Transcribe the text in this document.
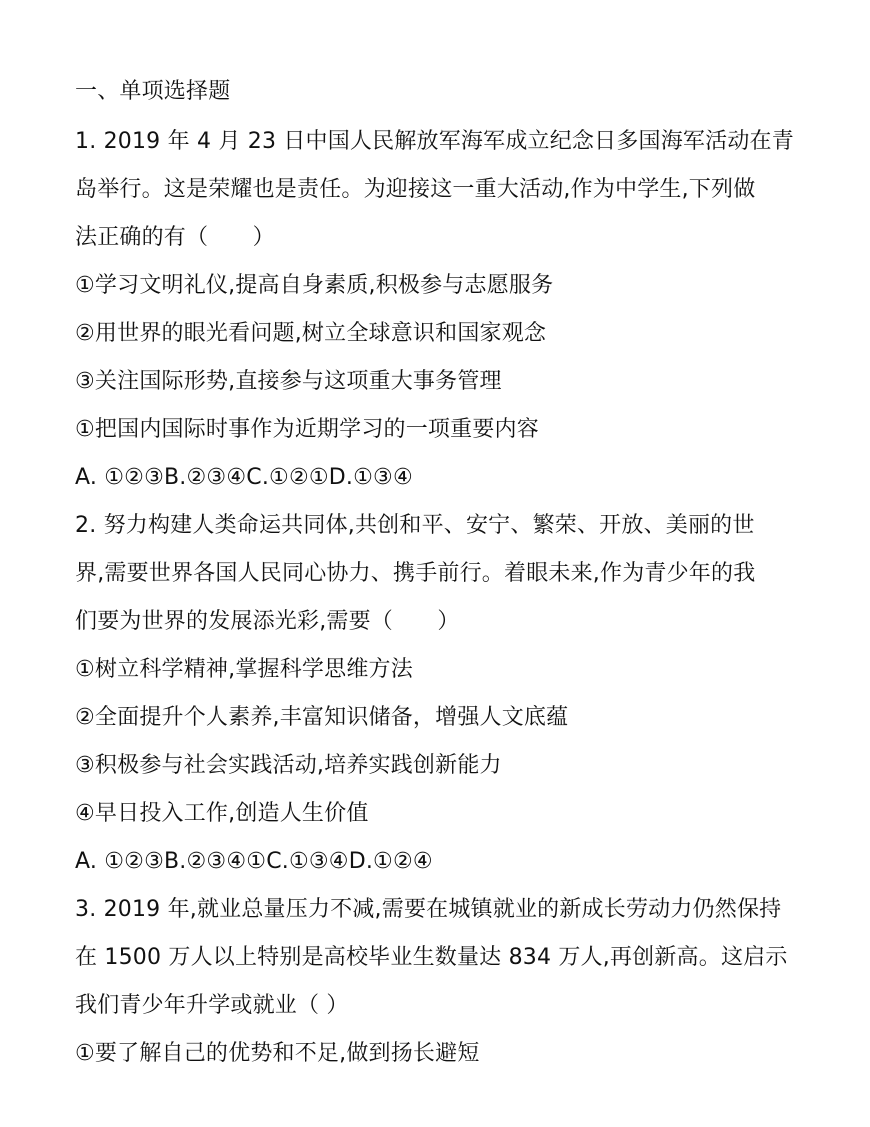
一、单项选择题
1. 2019 年 4 月 23 日中国人民解放军海军成立纪念日多国海军活动在青
岛举行。这是荣耀也是责任。为迎接这一重大活动,作为中学生,下列做
法正确的有（　　）
①学习文明礼仪,提高自身素质,积极参与志愿服务
②用世界的眼光看问题,树立全球意识和国家观念
③关注国际形势,直接参与这项重大事务管理
①把国内国际时事作为近期学习的一项重要内容
A. ①②③B.②③④C.①②①D.①③④
2. 努力构建人类命运共同体,共创和平、安宁、繁荣、开放、美丽的世
界,需要世界各国人民同心协力、携手前行。着眼未来,作为青少年的我
们要为世界的发展添光彩,需要（　　）
①树立科学精神,掌握科学思维方法
②全面提升个人素养,丰富知识储备，增强人文底蕴
③积极参与社会实践活动,培养实践创新能力
④早日投入工作,创造人生价值
A. ①②③B.②③④①C.①③④D.①②④
3. 2019 年,就业总量压力不减,需要在城镇就业的新成长劳动力仍然保持
在 1500 万人以上特别是高校毕业生数量达 834 万人,再创新高。这启示
我们青少年升学或就业（ ）
①要了解自己的优势和不足,做到扬长避短
